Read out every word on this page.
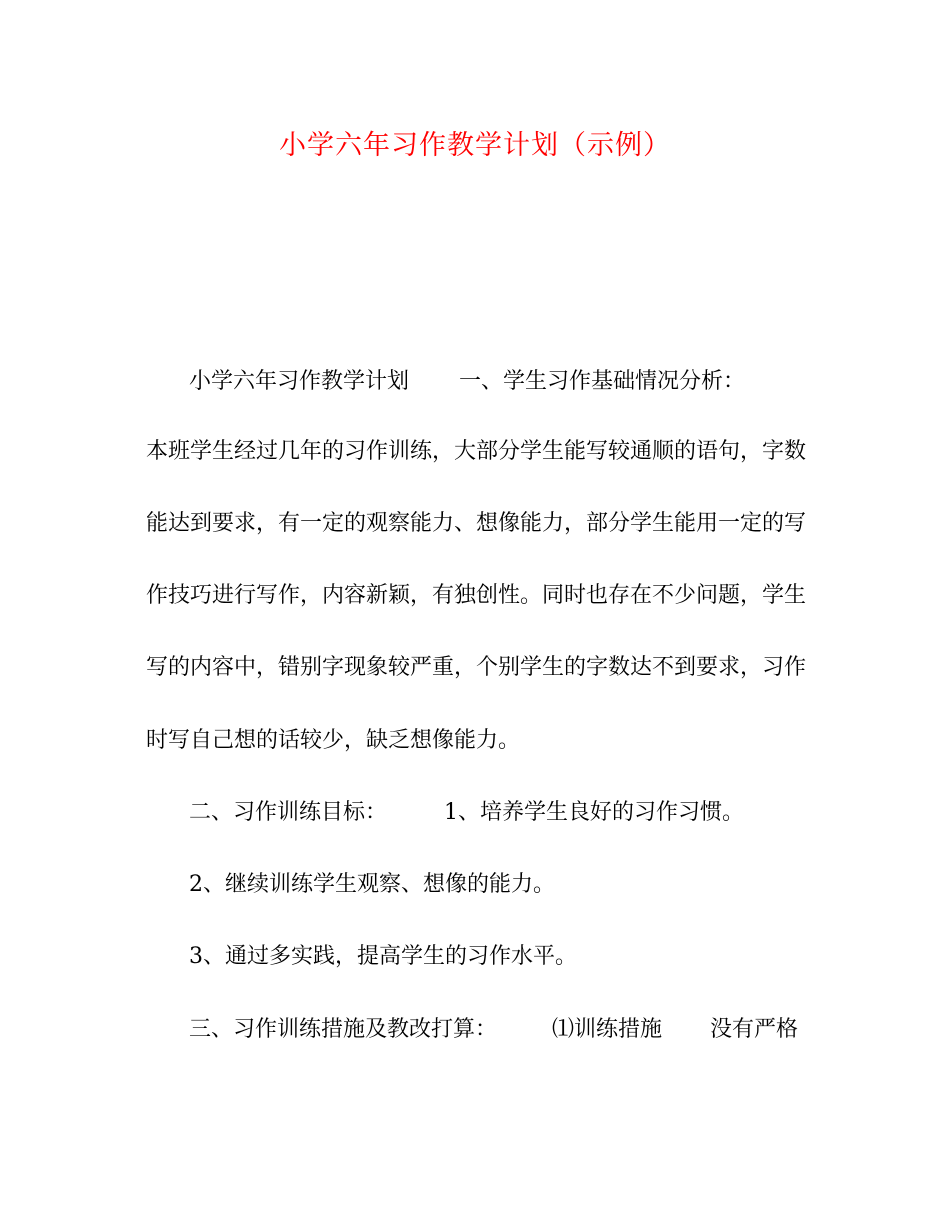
小学六年习作教学计划（示例）
小学六年习作教学计划 一、学生习作基础情况分析：
本班学生经过几年的习作训练，大部分学生能写较通顺的语句，字数
能达到要求，有一定的观察能力、想像能力，部分学生能用一定的写
作技巧进行写作，内容新颖，有独创性。同时也存在不少问题，学生
写的内容中，错别字现象较严重，个别学生的字数达不到要求，习作
时写自己想的话较少，缺乏想像能力。
二、习作训练目标：	1、培养学生良好的习作习惯。
2、继续训练学生观察、想像的能力。
3、通过多实践，提高学生的习作水平。
三、习作训练措施及教改打算：	⑴训练措施 没有严格
